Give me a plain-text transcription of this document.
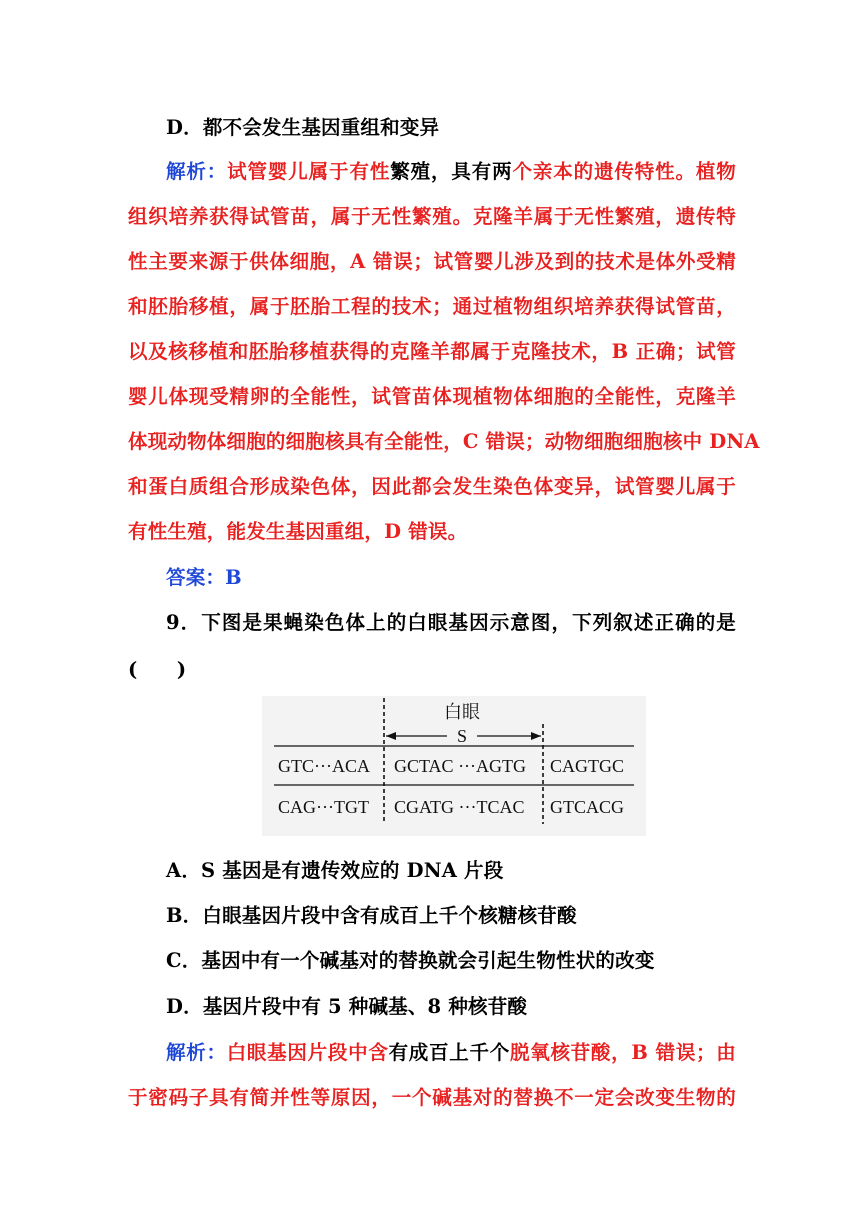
D．都不会发生基因重组和变异
解析：试管婴儿属于有性繁殖，具有两个亲本的遗传特性。植物
组织培养获得试管苗，属于无性繁殖。克隆羊属于无性繁殖，遗传特
性主要来源于供体细胞，A 错误；试管婴儿涉及到的技术是体外受精
和胚胎移植，属于胚胎工程的技术；通过植物组织培养获得试管苗，
以及核移植和胚胎移植获得的克隆羊都属于克隆技术，B 正确；试管
婴儿体现受精卵的全能性，试管苗体现植物体细胞的全能性，克隆羊
体现动物体细胞的细胞核具有全能性，C 错误；动物细胞细胞核中 DNA
和蛋白质组合形成染色体，因此都会发生染色体变异，试管婴儿属于
有性生殖，能发生基因重组，D 错误。
答案：B
9．下图是果蝇染色体上的白眼基因示意图，下列叙述正确的是
(　　)
白眼
S
GTC···ACA GCTAC ···AGTG CAGTGC
CAG···TGT CGATG ···TCAC GTCACG
A．S 基因是有遗传效应的 DNA 片段
B．白眼基因片段中含有成百上千个核糖核苷酸
C．基因中有一个碱基对的替换就会引起生物性状的改变
D．基因片段中有 5 种碱基、8 种核苷酸
解析：白眼基因片段中含有成百上千个脱氧核苷酸，B 错误；由
于密码子具有简并性等原因，一个碱基对的替换不一定会改变生物的
